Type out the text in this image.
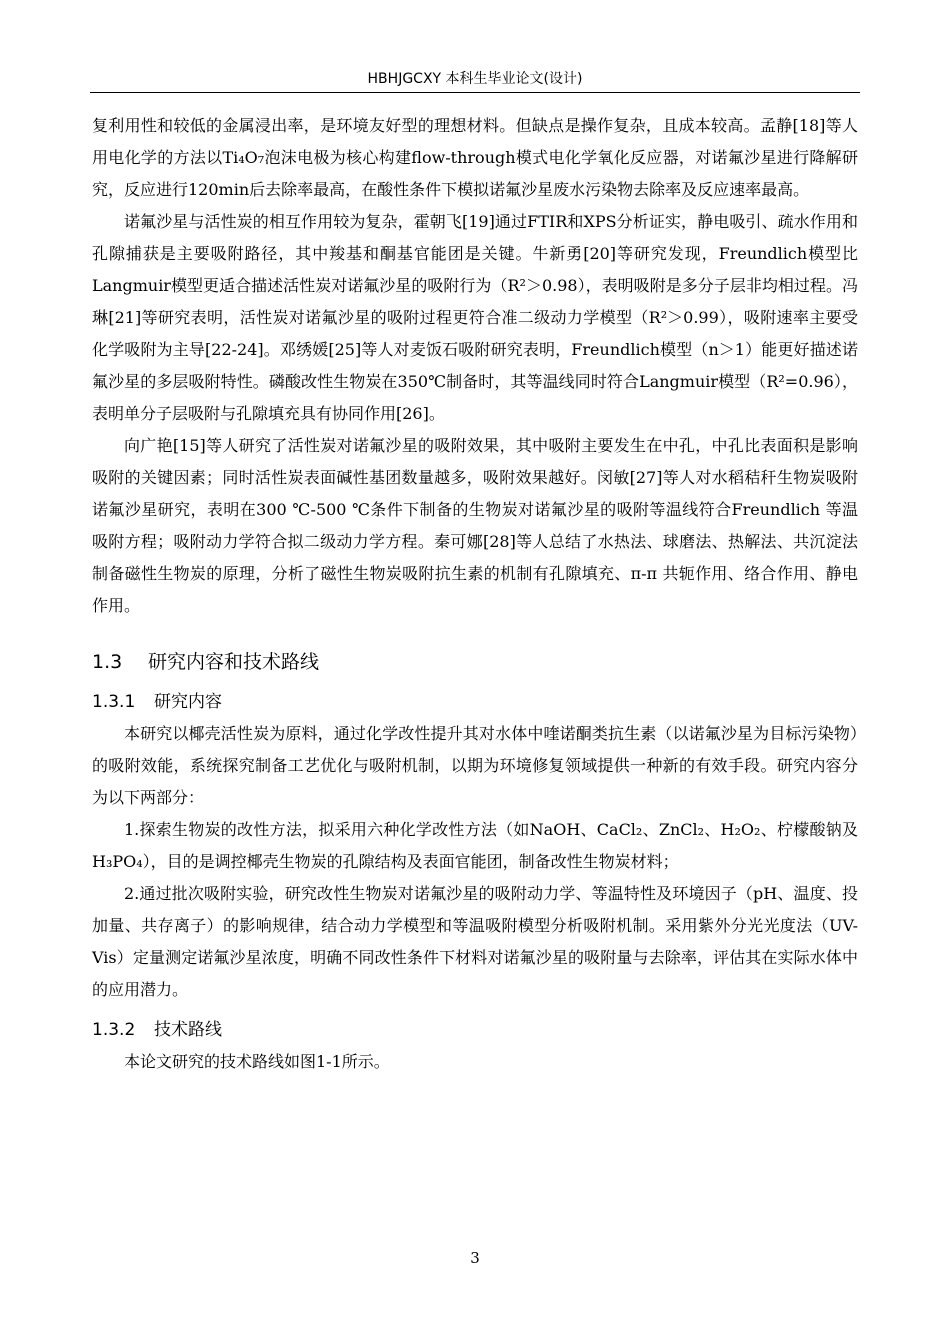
HBHJGCXY 本科生毕业论文(设计)

复利用性和较低的金属浸出率，是环境友好型的理想材料。但缺点是操作复杂，且成本较高。孟静[18]等人用电化学的方法以Ti₄O₇泡沫电极为核心构建flow-through模式电化学氧化反应器，对诺氟沙星进行降解研究，反应进行120min后去除率最高，在酸性条件下模拟诺氟沙星废水污染物去除率及反应速率最高。

诺氟沙星与活性炭的相互作用较为复杂，霍朝飞[19]通过FTIR和XPS分析证实，静电吸引、疏水作用和孔隙捕获是主要吸附路径，其中羧基和酮基官能团是关键。牛新勇[20]等研究发现，Freundlich模型比Langmuir模型更适合描述活性炭对诺氟沙星的吸附行为（R²＞0.98），表明吸附是多分子层非均相过程。冯琳[21]等研究表明，活性炭对诺氟沙星的吸附过程更符合准二级动力学模型（R²＞0.99），吸附速率主要受化学吸附为主导[22-24]。邓绣媛[25]等人对麦饭石吸附研究表明，Freundlich模型（n＞1）能更好描述诺氟沙星的多层吸附特性。磷酸改性生物炭在350℃制备时，其等温线同时符合Langmuir模型（R²=0.96），表明单分子层吸附与孔隙填充具有协同作用[26]。

向广艳[15]等人研究了活性炭对诺氟沙星的吸附效果，其中吸附主要发生在中孔，中孔比表面积是影响吸附的关键因素；同时活性炭表面碱性基团数量越多，吸附效果越好。闵敏[27]等人对水稻秸秆生物炭吸附诺氟沙星研究，表明在300 ℃-500 ℃条件下制备的生物炭对诺氟沙星的吸附等温线符合Freundlich 等温吸附方程；吸附动力学符合拟二级动力学方程。秦可娜[28]等人总结了水热法、球磨法、热解法、共沉淀法制备磁性生物炭的原理，分析了磁性生物炭吸附抗生素的机制有孔隙填充、π-π 共轭作用、络合作用、静电作用。

1.3 研究内容和技术路线
1.3.1 研究内容

本研究以椰壳活性炭为原料，通过化学改性提升其对水体中喹诺酮类抗生素（以诺氟沙星为目标污染物）的吸附效能，系统探究制备工艺优化与吸附机制，以期为环境修复领域提供一种新的有效手段。研究内容分为以下两部分：

1.探索生物炭的改性方法，拟采用六种化学改性方法（如NaOH、CaCl₂、ZnCl₂、H₂O₂、柠檬酸钠及H₃PO₄），目的是调控椰壳生物炭的孔隙结构及表面官能团，制备改性生物炭材料；

2.通过批次吸附实验，研究改性生物炭对诺氟沙星的吸附动力学、等温特性及环境因子（pH、温度、投加量、共存离子）的影响规律，结合动力学模型和等温吸附模型分析吸附机制。采用紫外分光光度法（UV-Vis）定量测定诺氟沙星浓度，明确不同改性条件下材料对诺氟沙星的吸附量与去除率，评估其在实际水体中的应用潜力。

1.3.2 技术路线

本论文研究的技术路线如图1-1所示。

3
